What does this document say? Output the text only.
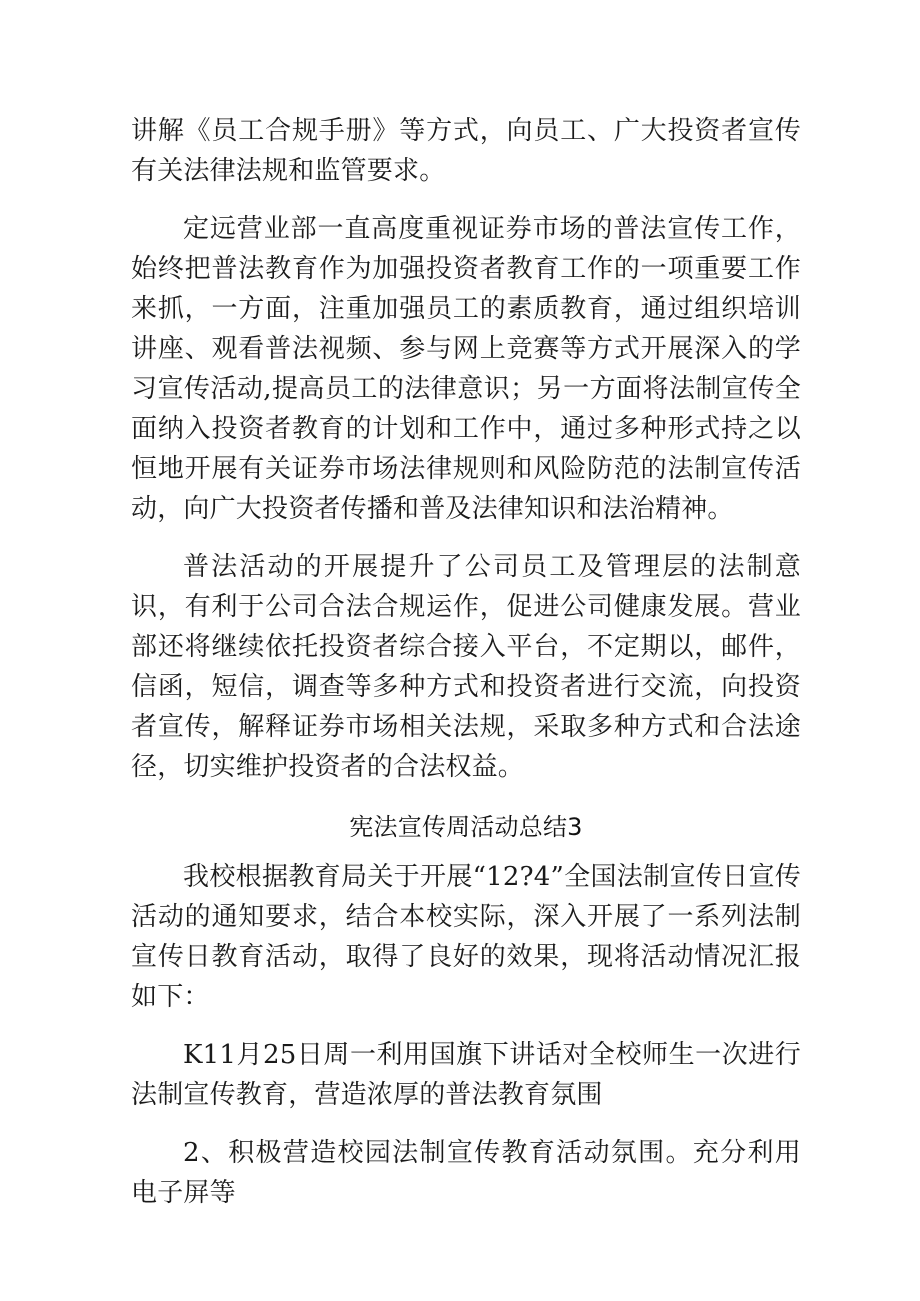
讲解《员工合规手册》等方式，向员工、广大投资者宣传有关法律法规和监管要求。

定远营业部一直高度重视证券市场的普法宣传工作，始终把普法教育作为加强投资者教育工作的一项重要工作来抓，一方面，注重加强员工的素质教育，通过组织培训讲座、观看普法视频、参与网上竞赛等方式开展深入的学习宣传活动,提高员工的法律意识；另一方面将法制宣传全面纳入投资者教育的计划和工作中，通过多种形式持之以恒地开展有关证券市场法律规则和风险防范的法制宣传活动，向广大投资者传播和普及法律知识和法治精神。

普法活动的开展提升了公司员工及管理层的法制意识，有利于公司合法合规运作，促进公司健康发展。营业部还将继续依托投资者综合接入平台，不定期以，邮件，信函，短信，调查等多种方式和投资者进行交流，向投资者宣传，解释证券市场相关法规，采取多种方式和合法途径，切实维护投资者的合法权益。

宪法宣传周活动总结3

我校根据教育局关于开展“12?4”全国法制宣传日宣传活动的通知要求，结合本校实际，深入开展了一系列法制宣传日教育活动，取得了良好的效果，现将活动情况汇报如下：

K11月25日周一利用国旗下讲话对全校师生一次进行法制宣传教育，营造浓厚的普法教育氛围

2、积极营造校园法制宣传教育活动氛围。充分利用电子屏等
